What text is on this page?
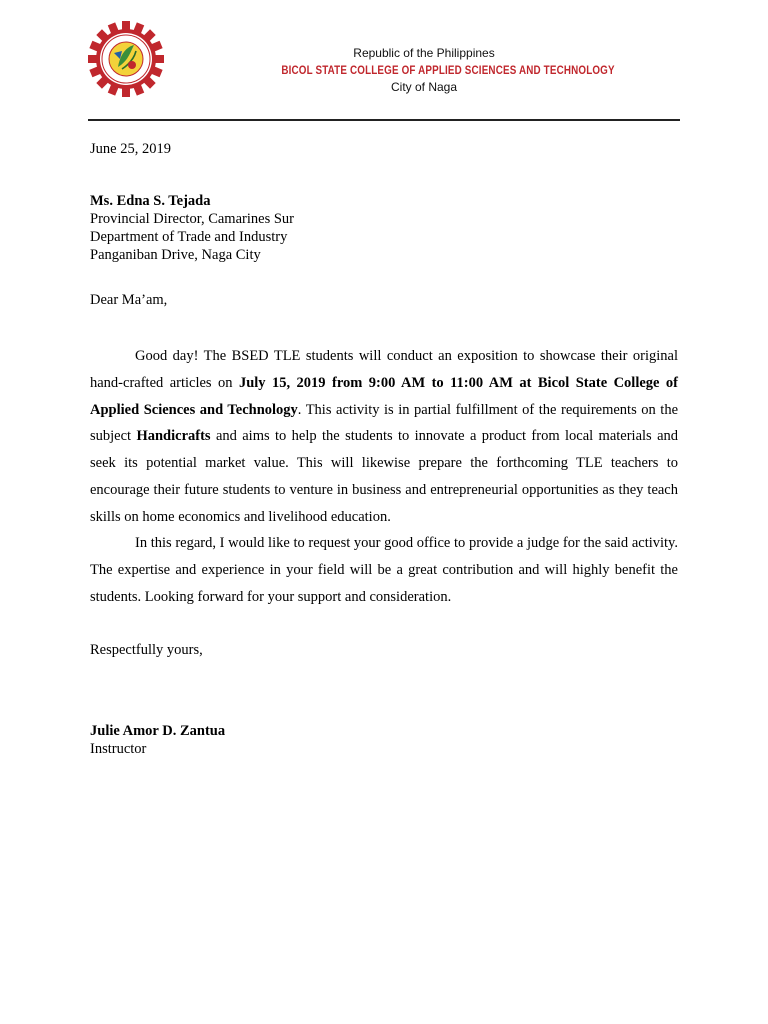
Republic of the Philippines
BICOL STATE COLLEGE OF APPLIED SCIENCES AND TECHNOLOGY
City of Naga
June 25, 2019
Ms. Edna S. Tejada
Provincial Director, Camarines Sur
Department of Trade and Industry
Panganiban Drive, Naga City
Dear Ma’am,

Good day! The BSED TLE students will conduct an exposition to showcase their original hand-crafted articles on July 15, 2019 from 9:00 AM to 11:00 AM at Bicol State College of Applied Sciences and Technology. This activity is in partial fulfillment of the requirements on the subject Handicrafts and aims to help the students to innovate a product from local materials and seek its potential market value. This will likewise prepare the forthcoming TLE teachers to encourage their future students to venture in business and entrepreneurial opportunities as they teach skills on home economics and livelihood education.

In this regard, I would like to request your good office to provide a judge for the said activity. The expertise and experience in your field will be a great contribution and will highly benefit the students. Looking forward for your support and consideration.

Respectfully yours,
Julie Amor D. Zantua
Instructor
